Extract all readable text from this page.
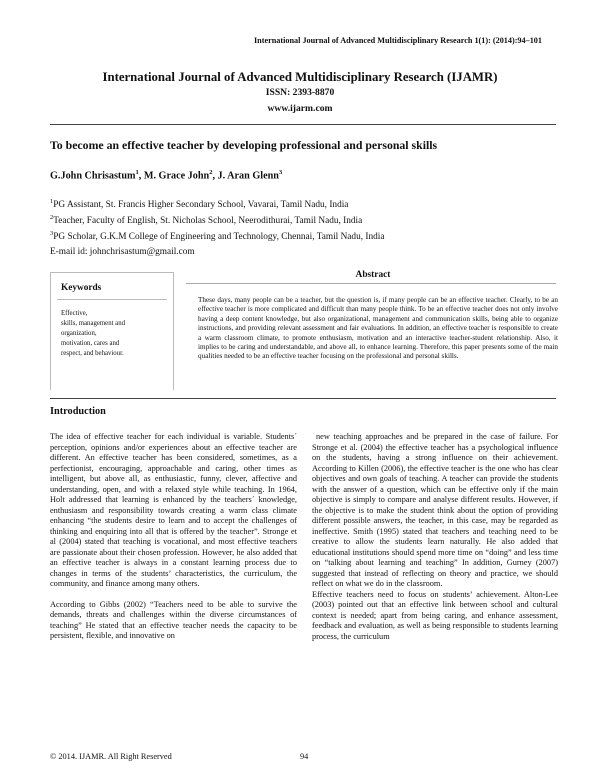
International Journal of Advanced Multidisciplinary Research 1(1): (2014):94–101
International Journal of Advanced Multidisciplinary Research (IJAMR)
ISSN: 2393-8870
www.ijarm.com
To become an effective teacher by developing professional and personal skills
G.John Chrisastum$^1$, M. Grace John$^2$, J. Aran Glenn$^3$
$^1$PG Assistant, St. Francis Higher Secondary School, Vavarai, Tamil Nadu, India
$^2$Teacher, Faculty of English, St. Nicholas School, Neerodithurai, Tamil Nadu, India
$^3$PG Scholar, G.K.M College of Engineering and Technology, Chennai, Tamil Nadu, India
E-mail id: johnchrisastum@gmail.com
Keywords
Effective,
skills, management and
organization,
motivation, cares and
respect, and behaviour.
Abstract
These days, many people can be a teacher, but the question is, if many people can be an effective teacher. Clearly, to be an effective teacher is more complicated and difficult than many people think. To be an effective teacher does not only involve having a deep content knowledge, but also organizational, management and communication skills, being able to organize instructions, and providing relevant assessment and fair evaluations. In addition, an effective teacher is responsible to create a warm classroom climate, to promote enthusiasm, motivation and an interactive teacher-student relationship. Also, it implies to be caring and understandable, and above all, to enhance learning. Therefore, this paper presents some of the main qualities needed to be an effective teacher focusing on the professional and personal skills.
Introduction

The idea of effective teacher for each individual is variable. Students´ perception, opinions and/or experiences about an effective teacher are different. An effective teacher has been considered, sometimes, as a perfectionist, encouraging, approachable and caring, other times as intelligent, but above all, as enthusiastic, funny, clever, affective and understanding, open, and with a relaxed style while teaching. In 1964, Holt addressed that learning is enhanced by the teachers´ knowledge, enthusiasm and responsibility towards creating a warm class climate enhancing “the students desire to learn and to accept the challenges of thinking and enquiring into all that is offered by the teacher”. Stronge et al (2004) stated that teaching is vocational, and most effective teachers are passionate about their chosen profession. However, he also added that an effective teacher is always in a constant learning process due to changes in terms of the students’ characteristics, the curriculum, the community, and finance among many others.

According to Gibbs (2002) “Teachers need to be able to survive the demands, threats and challenges within the diverse circumstances of teaching” He stated that an effective teacher needs the capacity to be persistent, flexible, and innovative on

new teaching approaches and be prepared in the case of failure. For Stronge et al. (2004) the effective teacher has a psychological influence on the students, having a strong influence on their achievement. According to Killen (2006), the effective teacher is the one who has clear objectives and own goals of teaching. A teacher can provide the students with the answer of a question, which can be effective only if the main objective is simply to compare and analyse different results. However, if the objective is to make the student think about the option of providing different possible answers, the teacher, in this case, may be regarded as ineffective. Smith (1995) stated that teachers and teaching need to be creative to allow the students learn naturally. He also added that educational institutions should spend more time on “doing” and less time on “talking about learning and teaching” In addition, Gurney (2007) suggested that instead of reflecting on theory and practice, we should reflect on what we do in the classroom.

Effective teachers need to focus on students’ achievement. Alton-Lee (2003) pointed out that an effective link between school and cultural context is needed; apart from being caring, and enhance assessment, feedback and evaluation, as well as being responsible to students learning process, the curriculum

© 2014. IJAMR. All Right Reserved	94
